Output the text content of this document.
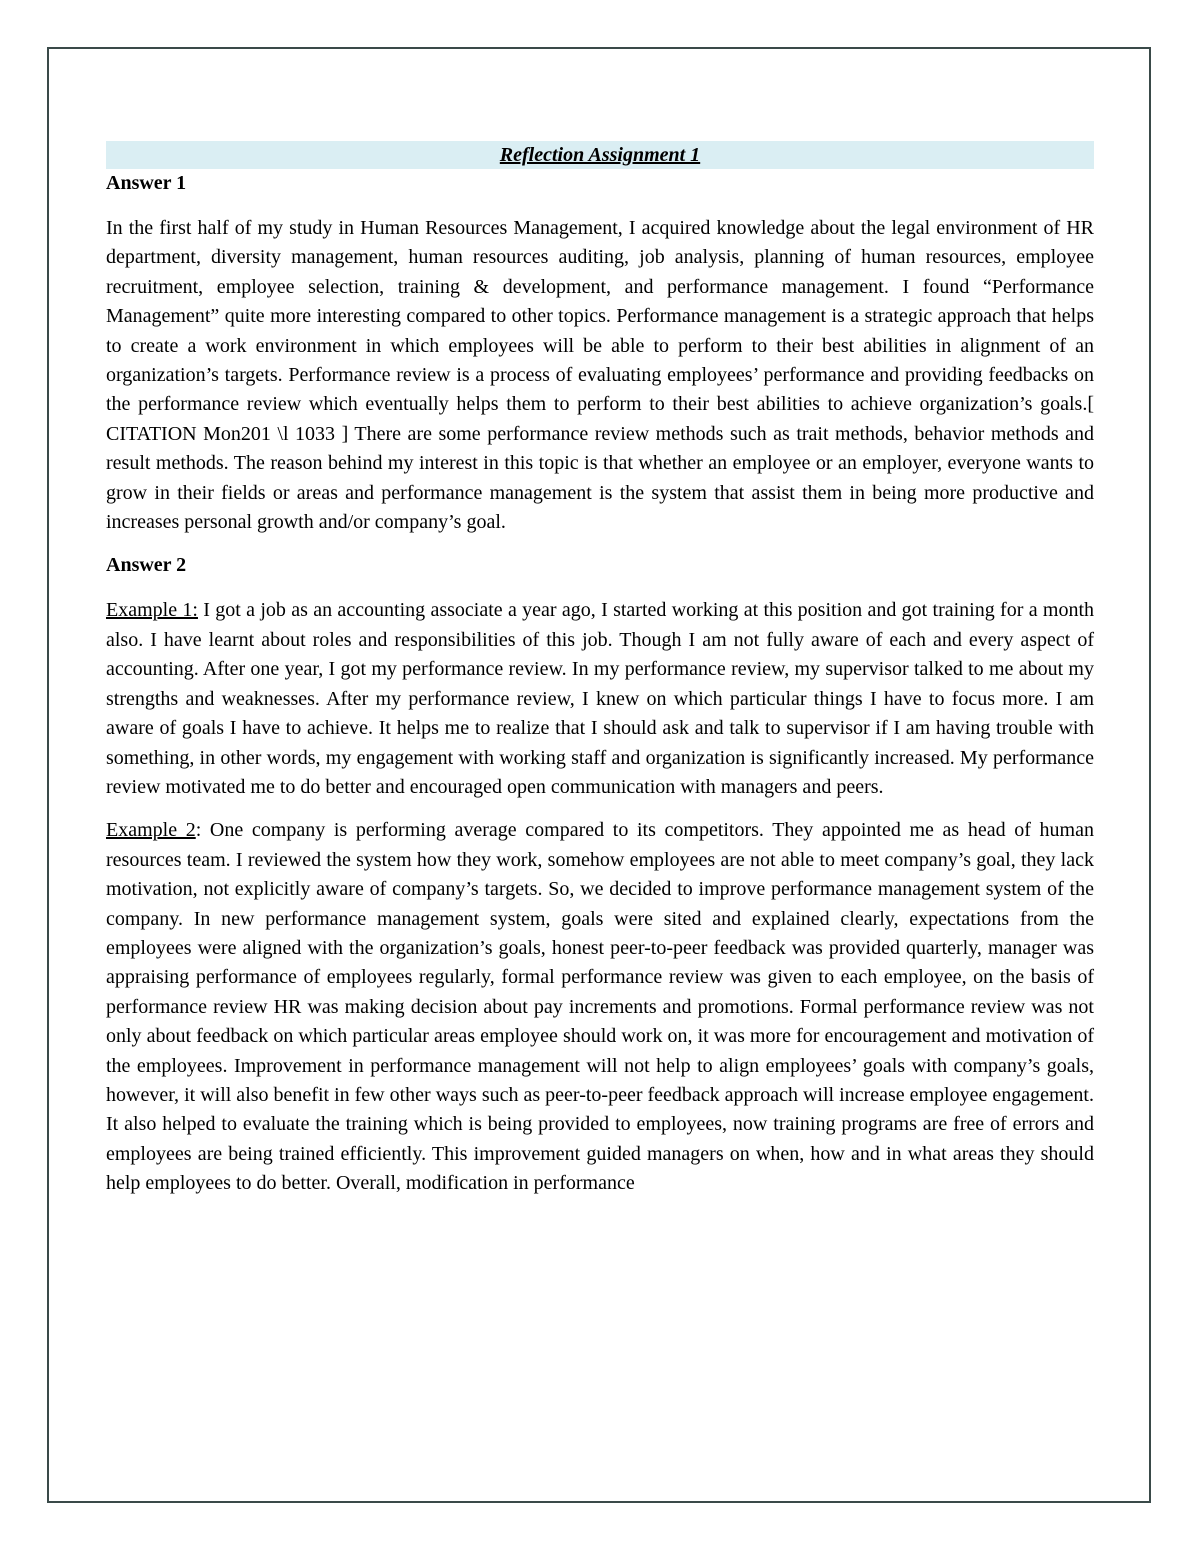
Reflection Assignment 1
Answer 1

In the first half of my study in Human Resources Management, I acquired knowledge about the legal environment of HR department, diversity management, human resources auditing, job analysis, planning of human resources, employee recruitment, employee selection, training & development, and performance management. I found “Performance Management” quite more interesting compared to other topics. Performance management is a strategic approach that helps to create a work environment in which employees will be able to perform to their best abilities in alignment of an organization’s targets. Performance review is a process of evaluating employees’ performance and providing feedbacks on the performance review which eventually helps them to perform to their best abilities to achieve organization’s goals.[ CITATION Mon201 \l 1033 ] There are some performance review methods such as trait methods, behavior methods and result methods. The reason behind my interest in this topic is that whether an employee or an employer, everyone wants to grow in their fields or areas and performance management is the system that assist them in being more productive and increases personal growth and/or company’s goal.

Answer 2

Example 1: I got a job as an accounting associate a year ago, I started working at this position and got training for a month also. I have learnt about roles and responsibilities of this job. Though I am not fully aware of each and every aspect of accounting. After one year, I got my performance review. In my performance review, my supervisor talked to me about my strengths and weaknesses. After my performance review, I knew on which particular things I have to focus more. I am aware of goals I have to achieve. It helps me to realize that I should ask and talk to supervisor if I am having trouble with something, in other words, my engagement with working staff and organization is significantly increased. My performance review motivated me to do better and encouraged open communication with managers and peers.

Example 2: One company is performing average compared to its competitors. They appointed me as head of human resources team. I reviewed the system how they work, somehow employees are not able to meet company’s goal, they lack motivation, not explicitly aware of company’s targets. So, we decided to improve performance management system of the company. In new performance management system, goals were sited and explained clearly, expectations from the employees were aligned with the organization’s goals, honest peer-to-peer feedback was provided quarterly, manager was appraising performance of employees regularly, formal performance review was given to each employee, on the basis of performance review HR was making decision about pay increments and promotions. Formal performance review was not only about feedback on which particular areas employee should work on, it was more for encouragement and motivation of the employees. Improvement in performance management will not help to align employees’ goals with company’s goals, however, it will also benefit in few other ways such as peer-to-peer feedback approach will increase employee engagement. It also helped to evaluate the training which is being provided to employees, now training programs are free of errors and employees are being trained efficiently. This improvement guided managers on when, how and in what areas they should help employees to do better. Overall, modification in performance
